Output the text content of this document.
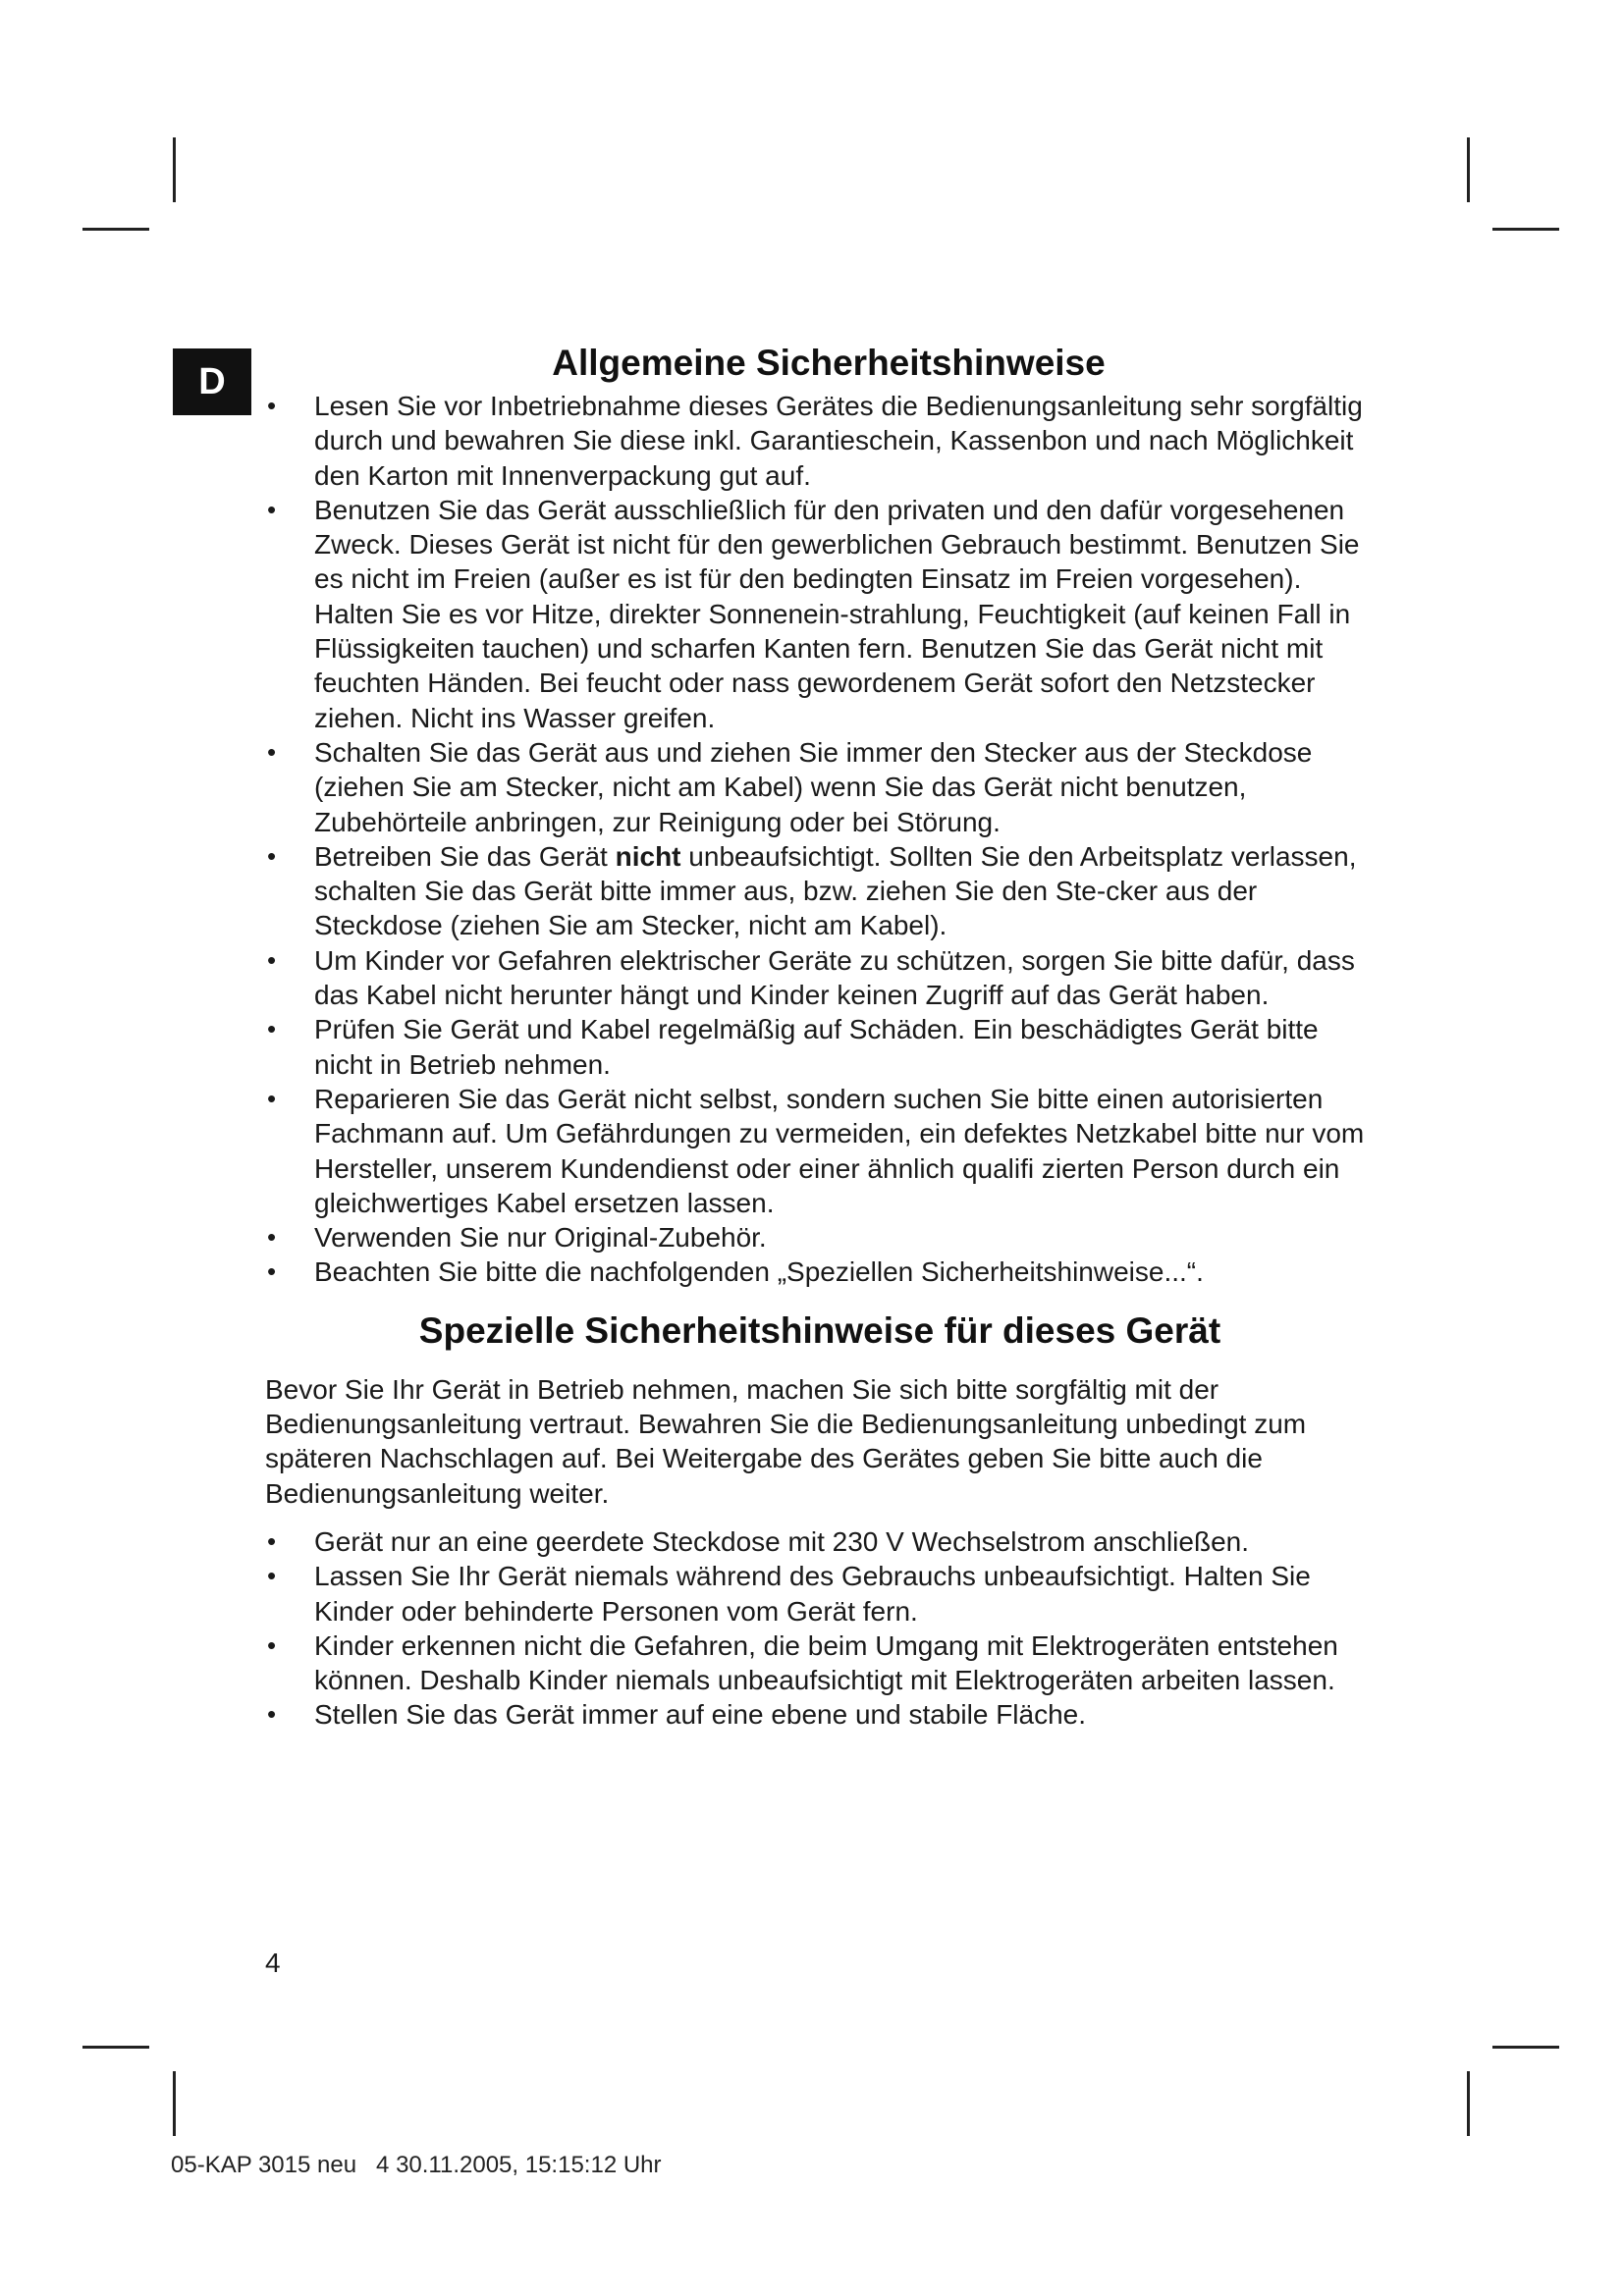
D	Allgemeine Sicherheitshinweise
• Lesen Sie vor Inbetriebnahme dieses Gerätes die Bedienungsanleitung sehr sorgfältig durch und bewahren Sie diese inkl. Garantieschein, Kassenbon und nach Möglichkeit den Karton mit Innenverpackung gut auf.
• Benutzen Sie das Gerät ausschließlich für den privaten und den dafür vorgesehenen Zweck. Dieses Gerät ist nicht für den gewerblichen Gebrauch bestimmt. Benutzen Sie es nicht im Freien (außer es ist für den bedingten Einsatz im Freien vorgesehen). Halten Sie es vor Hitze, direkter Sonnenein-strahlung, Feuchtigkeit (auf keinen Fall in Flüssigkeiten tauchen) und scharfen Kanten fern. Benutzen Sie das Gerät nicht mit feuchten Händen. Bei feucht oder nass gewordenem Gerät sofort den Netzstecker ziehen. Nicht ins Wasser greifen.
• Schalten Sie das Gerät aus und ziehen Sie immer den Stecker aus der Steckdose (ziehen Sie am Stecker, nicht am Kabel) wenn Sie das Gerät nicht benutzen, Zubehörteile anbringen, zur Reinigung oder bei Störung.
• Betreiben Sie das Gerät nicht unbeaufsichtigt. Sollten Sie den Arbeitsplatz verlassen, schalten Sie das Gerät bitte immer aus, bzw. ziehen Sie den Ste-cker aus der Steckdose (ziehen Sie am Stecker, nicht am Kabel).
• Um Kinder vor Gefahren elektrischer Geräte zu schützen, sorgen Sie bitte dafür, dass das Kabel nicht herunter hängt und Kinder keinen Zugriff auf das Gerät haben.
• Prüfen Sie Gerät und Kabel regelmäßig auf Schäden. Ein beschädigtes Gerät bitte nicht in Betrieb nehmen.
• Reparieren Sie das Gerät nicht selbst, sondern suchen Sie bitte einen autorisierten Fachmann auf. Um Gefährdungen zu vermeiden, ein defektes Netzkabel bitte nur vom Hersteller, unserem Kundendienst oder einer ähnlich qualifi zierten Person durch ein gleichwertiges Kabel ersetzen lassen.
• Verwenden Sie nur Original-Zubehör.
• Beachten Sie bitte die nachfolgenden „Speziellen Sicherheitshinweise...“.
Spezielle Sicherheitshinweise für dieses Gerät

Bevor Sie Ihr Gerät in Betrieb nehmen, machen Sie sich bitte sorgfältig mit der Bedienungsanleitung vertraut. Bewahren Sie die Bedienungsanleitung unbedingt zum späteren Nachschlagen auf. Bei Weitergabe des Gerätes geben Sie bitte auch die Bedienungsanleitung weiter.

• Gerät nur an eine geerdete Steckdose mit 230 V Wechselstrom anschließen.
• Lassen Sie Ihr Gerät niemals während des Gebrauchs unbeaufsichtigt. Halten Sie Kinder oder behinderte Personen vom Gerät fern.
• Kinder erkennen nicht die Gefahren, die beim Umgang mit Elektrogeräten entstehen können. Deshalb Kinder niemals unbeaufsichtigt mit Elektrogeräten arbeiten lassen.
• Stellen Sie das Gerät immer auf eine ebene und stabile Fläche.
4
05-KAP 3015 neu   4 30.11.2005, 15:15:12 Uhr
